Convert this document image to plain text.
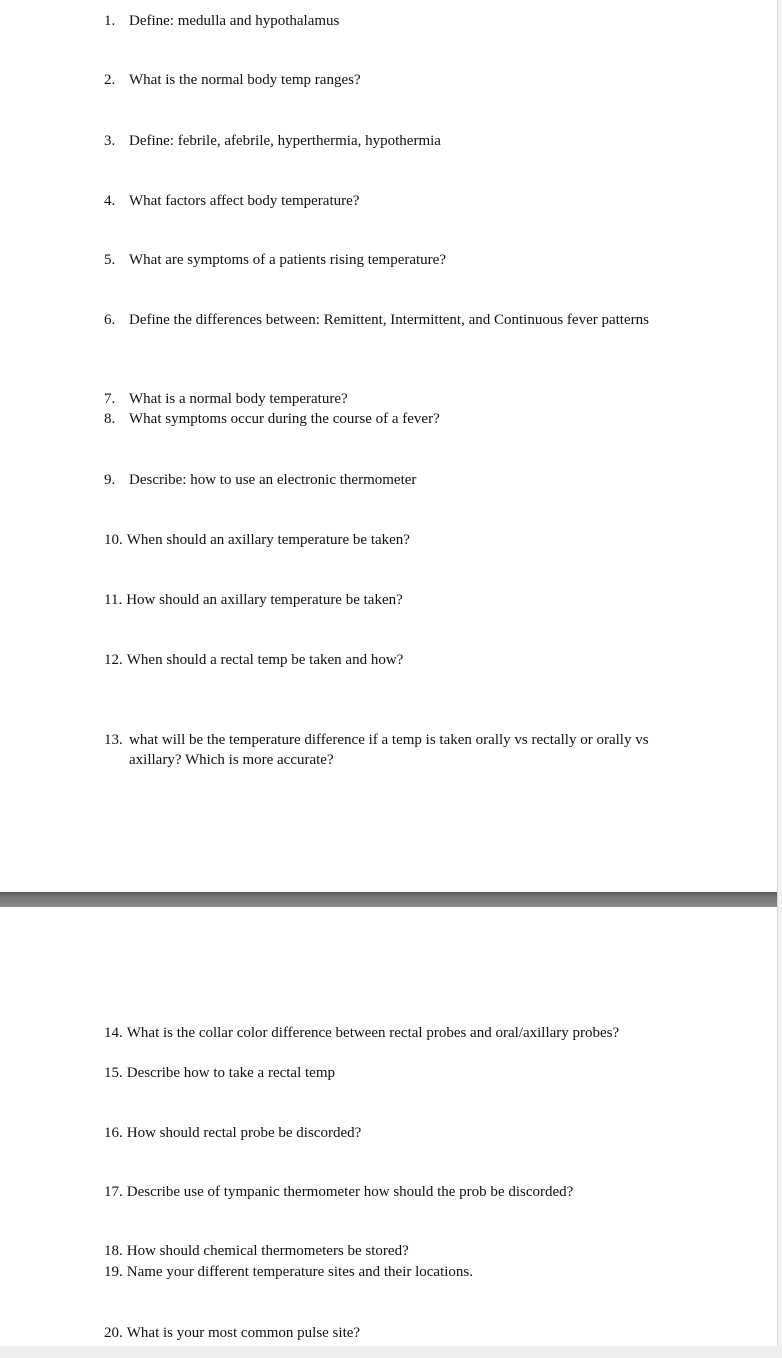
1. Define: medulla and hypothalamus
2. What is the normal body temp ranges?
3. Define: febrile, afebrile, hyperthermia, hypothermia
4. What factors affect body temperature?
5. What are symptoms of a patients rising temperature?
6. Define the differences between: Remittent, Intermittent, and Continuous fever patterns
7. What is a normal body temperature?
8. What symptoms occur during the course of a fever?
9. Describe: how to use an electronic thermometer
10. When should an axillary temperature be taken?
11. How should an axillary temperature be taken?
12. When should a rectal temp be taken and how?
13. what will be the temperature difference if a temp is taken orally vs rectally or orally vs axillary? Which is more accurate?
14. What is the collar color difference between rectal probes and oral/axillary probes?
15. Describe how to take a rectal temp
16. How should rectal probe be discorded?
17. Describe use of tympanic thermometer how should the prob be discorded?
18. How should chemical thermometers be stored?
19. Name your different temperature sites and their locations.
20. What is your most common pulse site?
